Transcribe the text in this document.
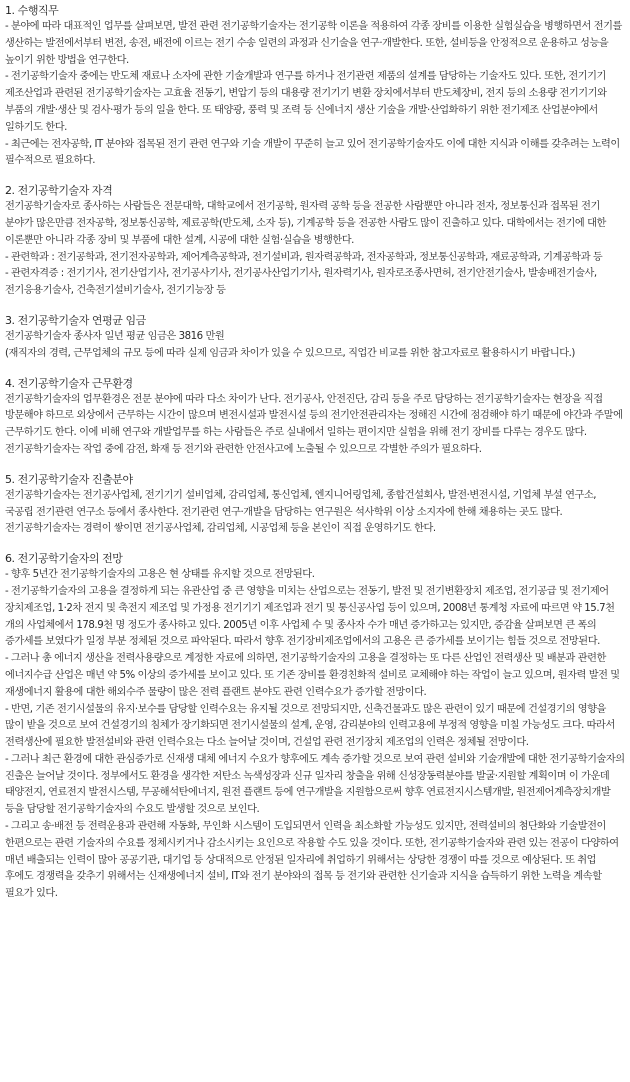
1. 수행직무

- 분야에 따라 대표적인 업무를 살펴보면, 발전 관련 전기공학기술자는 전기공학 이론을 적용하여 각종 장비를 이용한 실험실습을 병행하면서 전기를 생산하는 발전에서부터 변전, 송전, 배전에 이르는 전기 수송 일련의 과정과 신기술을 연구·개발한다. 또한, 설비등을 안정적으로 운용하고 성능을 높이기 위한 방법을 연구한다.

- 전기공학기술자 중에는 반도체 재료나 소자에 관한 기술개발과 연구를 하거나 전기관련 제품의 설계를 담당하는 기술자도 있다. 또한, 전기기기 제조산업과 관련된 전기공학기술자는 고효율 전동기, 변압기 등의 대용량 전기기기 변환 장치에서부터 반도체장비, 전지 등의 소용량 전기기기와 부품의 개발·생산 및 검사·평가 등의 일을 한다. 또 태양광, 풍력 및 조력 등 신에너지 생산 기술을 개발·산업화하기 위한 전기제조 산업분야에서 일하기도 한다.

- 최근에는 전자공학, IT 분야와 접목된 전기 관련 연구와 기술 개발이 꾸준히 늘고 있어 전기공학기술자도 이에 대한 지식과 이해를 갖추려는 노력이 필수적으로 필요하다.

2. 전기공학기술자 자격

전기공학기술자로 종사하는 사람들은 전문대학, 대학교에서 전기공학, 원자력 공학 등을 전공한 사람뿐만 아니라 전자, 정보통신과 접목된 전기 분야가 많은만큼 전자공학, 정보통신공학, 제료공학(반도체, 소자 등), 기계공학 등을 전공한 사람도 많이 진출하고 있다. 대학에서는 전기에 대한 이론뿐만 아니라 각종 장비 및 부품에 대한 설계, 시공에 대한 실험·실습을 병행한다.

- 관련학과 : 전기공학과, 전기전자공학과, 제어계측공학과, 전기설비과, 원자력공학과, 전자공학과, 정보통신공학과, 재료공학과, 기계공학과 등

- 관련자격증 : 전기기사, 전기산업기사, 전기공사기사, 전기공사산업기기사, 원자력기사, 원자로조종사면허, 전기안전기술사, 발송배전기술사, 전기응용기술사, 건축전기설비기술사, 전기기능장 등

3. 전기공학기술자 연평균 임금

전기공학기술자 종사자 일년 평균 임금은 3816 만원

(재직자의 경력, 근무업체의 규모 등에 따라 실제 임금과 차이가 있을 수 있으므로, 직업간 비교를 위한 참고자료로 활용하시기 바랍니다.)

4. 전기공학기술자 근무환경

전기공학기술자의 업무환경은 전문 분야에 따라 다소 차이가 난다. 전기공사, 안전진단, 감리 등을 주로 담당하는 전기공학기술자는 현장을 직접 방문해야 하므로 외상에서 근무하는 시간이 많으며 변전시설과 발전시설 등의 전기안전관리자는 정해진 시간에 점검해야 하기 때문에 야간과 주말에 근무하기도 한다. 이에 비해 연구와 개발업무를 하는 사람들은 주로 실내에서 일하는 편이지만 실험을 위해 전기 장비를 다루는 경우도 많다.

전기공학기술자는 작업 중에 감전, 화재 등 전기와 관련한 안전사고에 노출될 수 있으므로 각별한 주의가 필요하다.

5. 전기공학기술자 진출분야

전기공학기술자는 전기공사업체, 전기기기 설비업체, 감리업체, 통신업체, 엔지니어링업체, 종합건설회사, 발전·변전시설, 기업체 부설 연구소, 국공립 전기관련 연구소 등에서 종사한다. 전기관련 연구·개발을 담당하는 연구원은 석사학위 이상 소지자에 한해 채용하는 곳도 많다.

전기공학기술자는 경력이 쌓이면 전기공사업체, 감리업체, 시공업체 등을 본인이 직접 운영하기도 한다.

6. 전기공학기술자의 전망

- 향후 5년간 전기공학기술자의 고용은 현 상태를 유지할 것으로 전망된다.

- 전기공학기술자의 고용을 결정하게 되는 유관산업 중 큰 영향을 미치는 산업으로는 전동기, 발전 및 전기변환장치 제조업, 전기공급 및 전기제어 장치제조업, 1·2차 전지 및 축전지 제조업 및 가정용 전기기기 제조업과 전기 및 통신공사업 등이 있으며, 2008년 통계청 자료에 따르면 약 15.7천 개의 사업체에서 178.9천 명 정도가 종사하고 있다. 2005년 이후 사업체 수 및 종사자 수가 매년 증가하고는 있지만, 증감율 살펴보면 큰 폭의 증가세를 보였다가 일정 부분 정체된 것으로 파악된다. 따라서 향후 전기장비제조업에서의 고용은 큰 증가세를 보이기는 힘들 것으로 전망된다.

- 그러나 총 에너지 생산을 전력사용량으로 계정한 자료에 의하면, 전기공학기술자의 고용을 결정하는 또 다른 산업인 전력생산 및 배분과 관련한 에너지수급 산업은 매년 약 5% 이상의 증가세를 보이고 있다. 또 기존 장비를 환경친화적 설비로 교체해야 하는 작업이 늘고 있으며, 원자력 발전 및 재생에너지 활용에 대한 해외수주 물량이 많은 전력 플랜트 분야도 관련 인력수요가 증가할 전망이다.

- 반면, 기존 전기시설물의 유지·보수를 담당할 인력수요는 유지될 것으로 전망되지만, 신축건물과도 많은 관련이 있기 때문에 건설경기의 영향을 많이 받을 것으로 보여 건설경기의 침체가 장기화되면 전기시설물의 설계, 운영, 감리분야의 인력고용에 부정적 영향을 미칠 가능성도 크다. 따라서 전력생산에 필요한 발전설비와 관련 인력수요는 다소 늘어날 것이며, 건설업 관련 전기장치 제조업의 인력은 정체될 전망이다.

- 그러나 최근 환경에 대한 관심증가로 신재생 대체 에너지 수요가 향후에도 계속 증가할 것으로 보여 관련 설비와 기술개발에 대한 전기공학기술자의 진출은 늘어날 것이다. 정부에서도 환경을 생각한 저탄소 녹색성장과 신규 일자리 창출을 위해 신성장동력분야를 발굴·지원할 계획이며 이 가운데 태양전지, 연료전지 발전시스템, 무공해석탄에너지, 원전 플랜트 등에 연구개발을 지원함으로써 향후 연료전지시스템개발, 원전제어계측장치개발 등을 담당할 전기공학기술자의 수요도 발생할 것으로 보인다.

- 그리고 송·배전 등 전력운용과 관련해 자동화, 무인화 시스템이 도입되면서 인력을 최소화할 가능성도 있지만, 전력설비의 첨단화와 기술발전이 한편으로는 관련 기술자의 수요를 정체시키거나 감소시키는 요인으로 작용할 수도 있을 것이다. 또한, 전기공학기술자와 관련 있는 전공이 다양하여 매년 배출되는 인력이 많아 공공기관, 대기업 등 상대적으로 안정된 일자리에 취업하기 위해서는 상당한 경쟁이 따를 것으로 예상된다. 또 취업 후에도 경쟁력을 갖추기 위해서는 신재생에너지 설비, IT와 전기 분야와의 접목 등 전기와 관련한 신기술과 지식을 습득하기 위한 노력을 계속할 필요가 있다.
